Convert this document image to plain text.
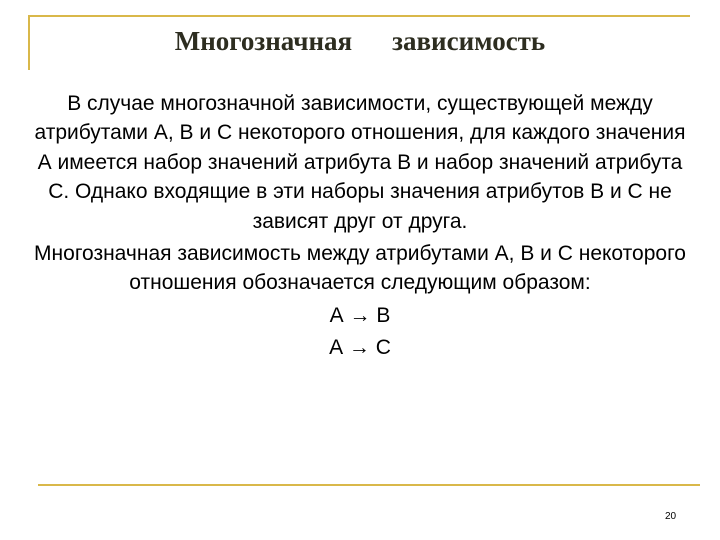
Многозначная зависимость

В случае многозначной зависимости, существующей между атрибутами А, В и С некоторого отношения, для каждого значения А имеется набор значений атрибута В и набор значений атрибута С. Однако входящие в эти наборы значения атрибутов В и С не зависят друг от друга.

Многозначная зависимость между атрибутами А, В и С некоторого отношения обозначается следующим образом:

А → В

А → С

20
